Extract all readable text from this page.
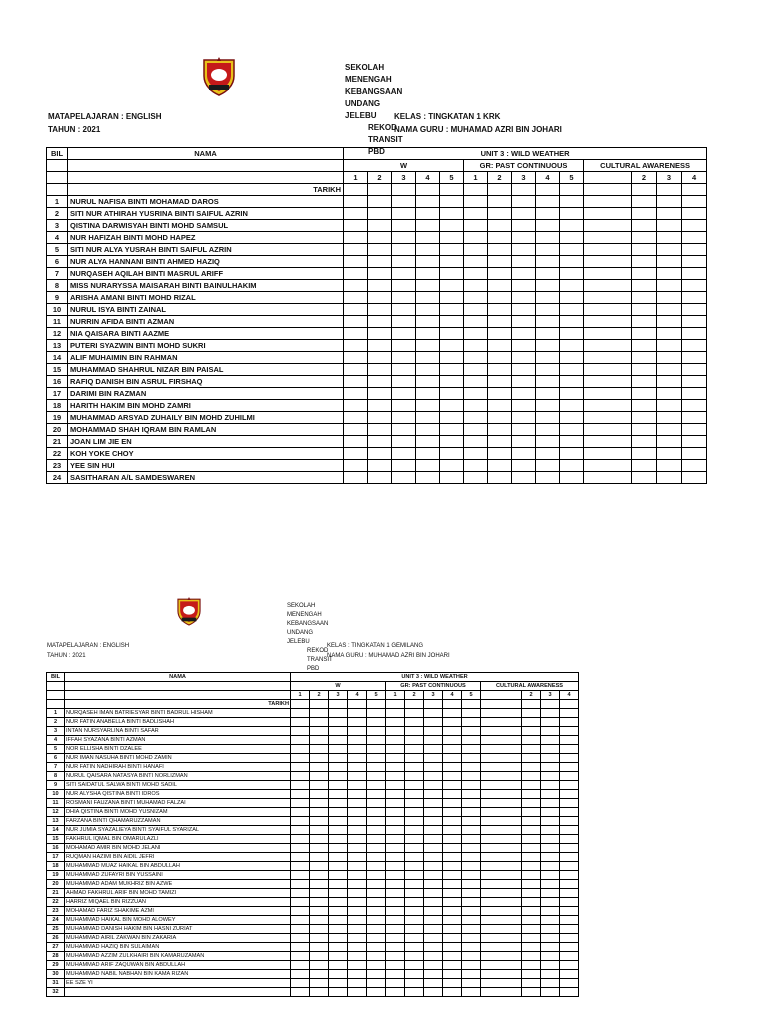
SEKOLAH MENENGAH KEBANGSAAN UNDANG JELEBU
REKOD TRANSIT PBD
MATAPELAJARAN : ENGLISH
TAHUN : 2021
KELAS : TINGKATAN 1 KRK
NAMA GURU : MUHAMAD AZRI BIN JOHARI
BIL	NAMA	UNIT 3 : WILD WEATHER													
		W					GR: PAST CONTINUOUS					CULTURAL AWARENESS			
		1	2	3	4	5	1	2	3	4	5		2	3	4
	TARIKH														
1	NURUL NAFISA BINTI MOHAMAD DAROS														
2	SITI NUR ATHIRAH YUSRINA BINTI SAIFUL AZRIN														
3	QISTINA DARWISYAH BINTI MOHD SAMSUL														
4	NUR HAFIZAH BINTI MOHD HAPEZ														
5	SITI NUR ALYA YUSRAH BINTI SAIFUL AZRIN														
6	NUR ALYA HANNANI BINTI AHMED HAZIQ														
7	NURQASEH AQILAH BINTI MASRUL ARIFF														
8	MISS NURARYSSA MAISARAH BINTI BAINULHAKIM														
9	ARISHA AMANI BINTI MOHD RIZAL														
10	NURUL ISYA BINTI ZAINAL														
11	NURRIN AFIDA BINTI AZMAN														
12	NIA QAISARA BINTI AAZME														
13	PUTERI SYAZWIN BINTI MOHD SUKRI														
14	ALIF MUHAIMIN BIN RAHMAN														
15	MUHAMMAD SHAHRUL NIZAR BIN PAISAL														
16	RAFIQ DANISH BIN ASRUL FIRSHAQ														
17	DARIMI BIN RAZMAN														
18	HARITH HAKIM BIN MOHD ZAMRI														
19	MUHAMMAD ARSYAD ZUHAILY BIN MOHD ZUHILMI														
20	MOHAMMAD SHAH IQRAM BIN RAMLAN														
21	JOAN LIM JIE EN														
22	KOH YOKE CHOY														
23	YEE SIN HUI														
24	SASITHARAN A/L SAMDESWAREN														
SEKOLAH MENENGAH KEBANGSAAN UNDANG JELEBU
REKOD TRANSIT PBD
MATAPELAJARAN : ENGLISH
TAHUN : 2021
KELAS : TINGKATAN 1 GEMILANG
NAMA GURU : MUHAMAD AZRI BIN JOHARI
BIL	NAMA	UNIT 3 : WILD WEATHER													
		W					GR: PAST CONTINUOUS					CULTURAL AWARENESS			
		1	2	3	4	5	1	2	3	4	5		2	3	4
	TARIKH														
1	NURQASEH IMAN BATRIESYAR BINTI BADRUL HISHAM														
2	NUR FATIN ANABELLA BINTI BADLISHAH														
3	INTAN NURSYARLINA BINTI SAFAR														
4	IFFAH SYAZANA BINTI AZMAN														
5	NOR ELLISHA BINTI DZALEE														
6	NUR IMAN NASUHA BINTI MOHD ZAMIN														
7	NUR FATIN NADHIRAH BINTI HANAFI														
8	NURUL QAISARA NATASYA BINTI NORLIZMAN														
9	SITI SAIDATUL SALWA BINTI MOHD SADIL														
10	NUR ALYSHA QISTINA BINTI IDROS														
11	ROSMANI FAUZANA BINTI MUHAMAD FALZAI														
12	DHIA QISTINA BINTI MOHD YUSNIZAM														
13	FARZANA BINTI QHAMARUZZAMAN														
14	NUR JUMIA SYAZALIEYA BINTI SYAIFUL SYARIZAL														
15	FAKHRUL IQMAL BIN OMARULAZLI														
16	MOHAMAD AMIR BIN MOHD JELANI														
17	RUQMAN HAZIMI BIN AIDIL JEFRI														
18	MUHAMMAD MUAZ HAIKAL BIN ABDULLAH														
19	MUHAMMAD ZUFAYRI BIN YUSSAINI														
20	MUHAMMAD ADAM MUKHRIZ BIN AZWE														
21	AHMAD FAKHRUL ARIF BIN MOHD TAMIZI														
22	HARRIZ MIQAEL BIN RIZZUAN														
23	MOHAMAD FARIZ SHAKIME AZMI														
24	MUHAMMAD HAIKAL BIN MOHD ALOWEY														
25	MUHAMMAD DANISH HAKIM BIN HASNI ZURIAT														
26	MUHAMMAD AIRIL ZAKWAN BIN ZAKARIA														
27	MUHAMMAD HAZIQ BIN SULAIMAN														
28	MUHAMMAD AZZIM ZULKHAIRI BIN KAMARUZAMAN														
29	MUHAMMAD ARIF ZAQUWAN BIN ABDULLAH														
30	MUHAMMAD NABIL NABHAN BIN KAMA RIZAN														
31	EE SZE YI														
32															
